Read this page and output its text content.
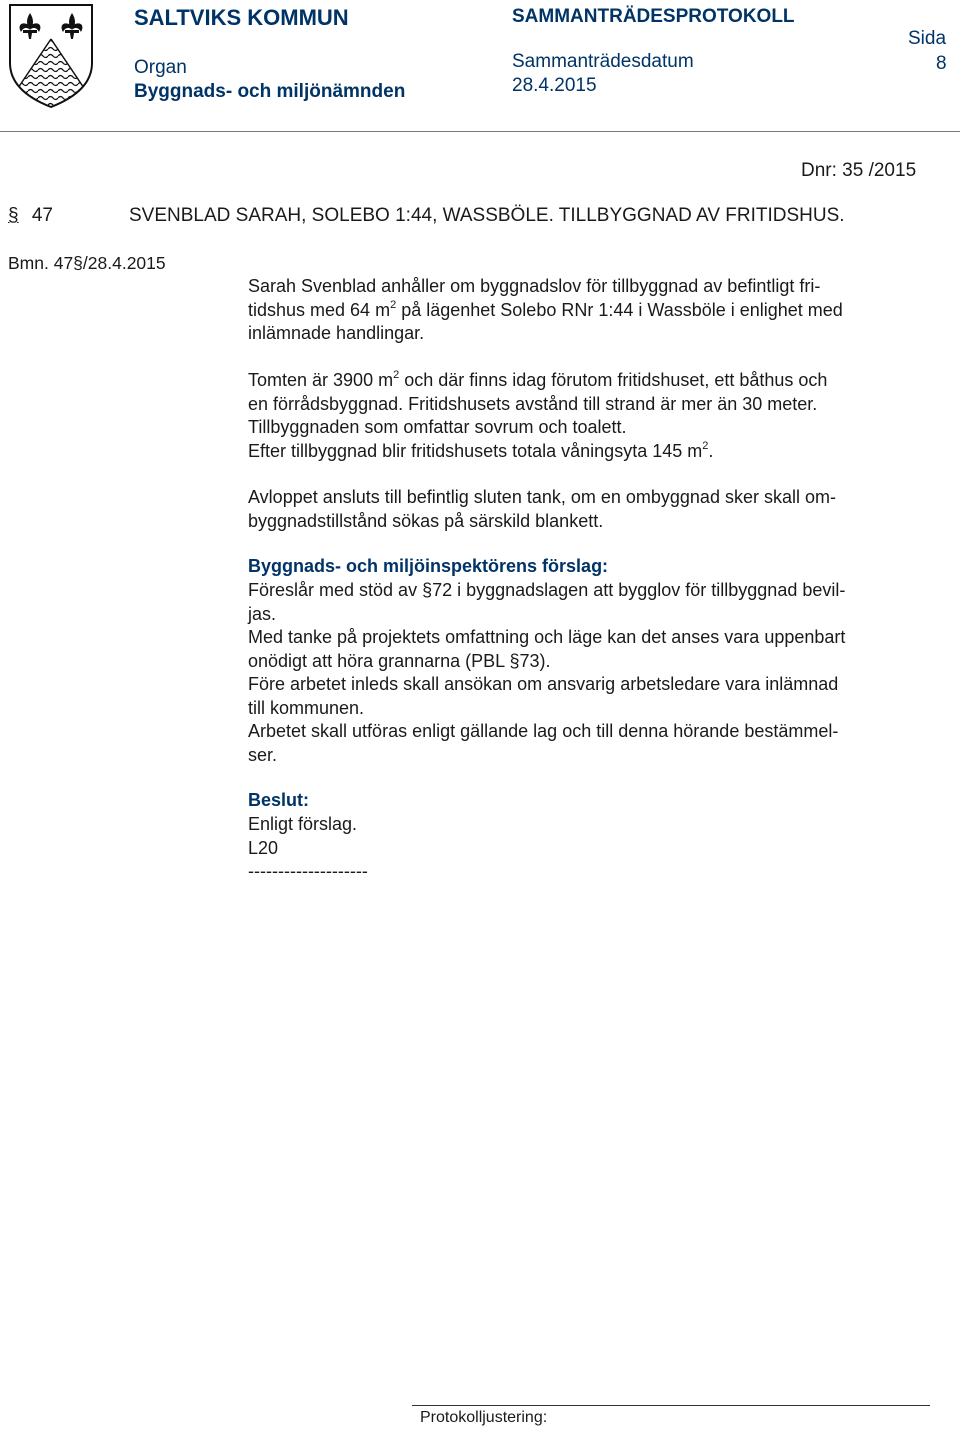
SALTVIKS KOMMUN	SAMMANTRÄDESPROTOKOLL
Sida
8
Organ
Byggnads- och miljönämnden
Sammanträdesdatum
28.4.2015
Dnr: 35 /2015
§ 47	SVENBLAD SARAH, SOLEBO 1:44, WASSBÖLE. TILLBYGGNAD AV FRITIDSHUS.
Bmn. 47§/28.4.2015
Sarah Svenblad anhåller om byggnadslov för tillbyggnad av befintligt fri-
tidshus med 64 $m^2$ på lägenhet Solebo RNr 1:44 i Wassböle i enlighet med
inlämnade handlingar.
Tomten är 3900 $m^2$ och där finns idag förutom fritidshuset, ett båthus och
en förrådsbyggnad. Fritidshusets avstånd till strand är mer än 30 meter.
Tillbyggnaden som omfattar sovrum och toalett.
Efter tillbyggnad blir fritidshusets totala våningsyta 145 $m^2$.
Avloppet ansluts till befintlig sluten tank, om en ombyggnad sker skall om-
byggnadstillstånd sökas på särskild blankett.
Byggnads- och miljöinspektörens förslag:
Föreslår med stöd av §72 i byggnadslagen att bygglov för tillbyggnad bevil-
jas.
Med tanke på projektets omfattning och läge kan det anses vara uppenbart
onödigt att höra grannarna (PBL §73).
Före arbetet inleds skall ansökan om ansvarig arbetsledare vara inlämnad
till kommunen.
Arbetet skall utföras enligt gällande lag och till denna hörande bestämmel-
ser.
Beslut:
Enligt förslag.
L20
--------------------
Protokolljustering:
